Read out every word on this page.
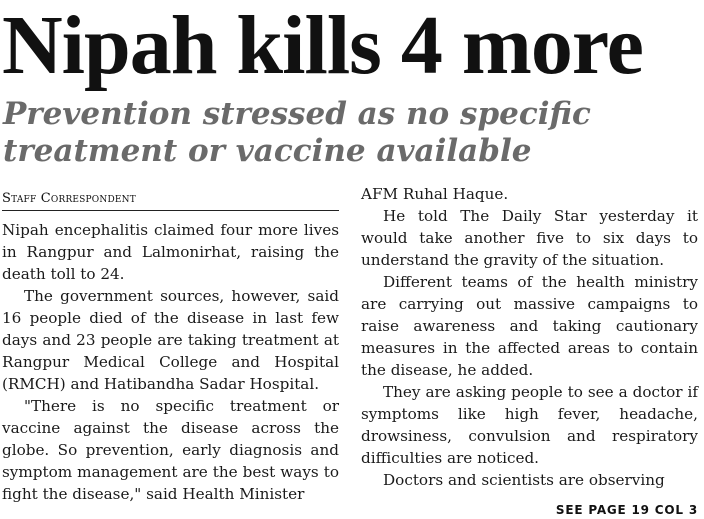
Nipah kills 4 more
Prevention stressed as no specific treatment or vaccine available
Staff Correspondent

Nipah encephalitis claimed four more lives in Rangpur and Lalmonirhat, raising the death toll to 24.

The government sources, however, said 16 people died of the disease in last few days and 23 people are taking treatment at Rangpur Medical College and Hospital (RMCH) and Hatibandha Sadar Hospital.

"There is no specific treatment or vaccine against the disease across the globe. So prevention, early diagnosis and symptom management are the best ways to fight the disease," said Health Minister

AFM Ruhal Haque.

He told The Daily Star yesterday it would take another five to six days to understand the gravity of the situation.

Different teams of the health ministry are carrying out massive campaigns to raise awareness and taking cautionary measures in the affected areas to contain the disease, he added.

They are asking people to see a doctor if symptoms like high fever, headache, drowsiness, convulsion and respiratory difficulties are noticed.

Doctors and scientists are observing

SEE PAGE 19 COL 3
